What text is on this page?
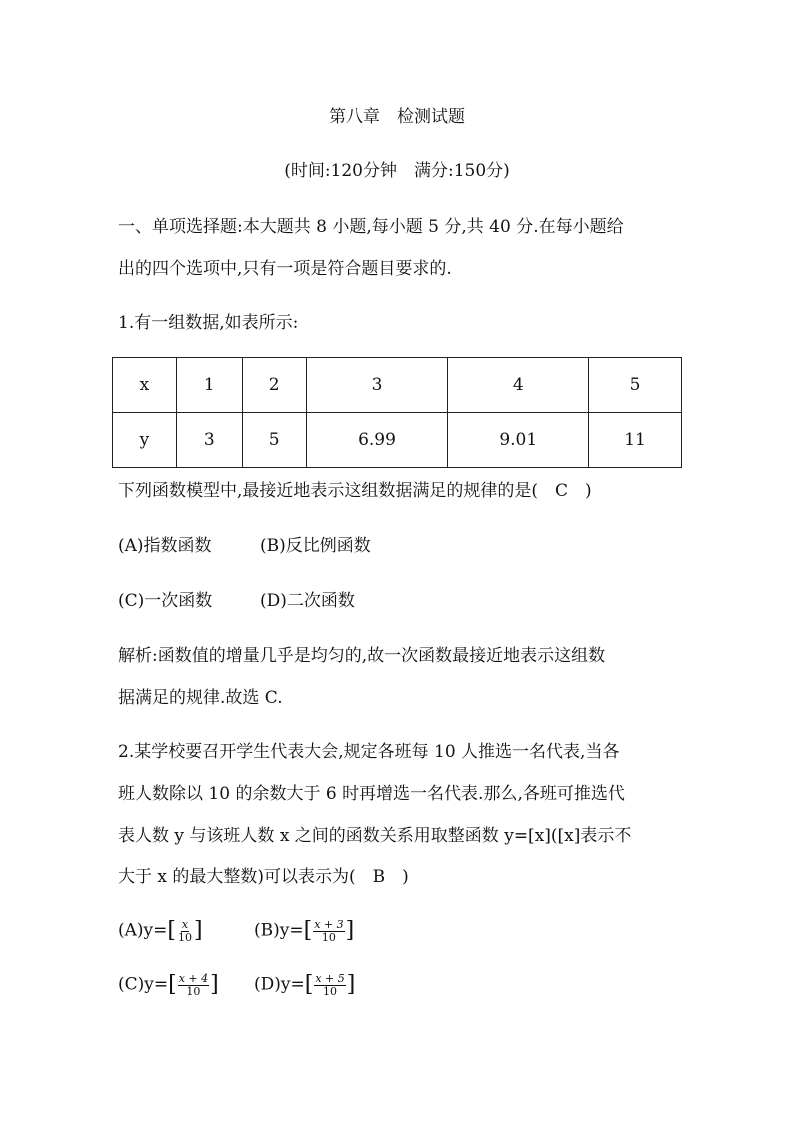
第八章　检测试题
(时间:120分钟　满分:150分)
一、单项选择题:本大题共 8 小题,每小题 5 分,共 40 分.在每小题给
出的四个选项中,只有一项是符合题目要求的.
1.有一组数据,如表所示:
x	1	2	3	4	5
y	3	5	6.99	9.01	11
下列函数模型中,最接近地表示这组数据满足的规律的是(　C　)
(A)指数函数	(B)反比例函数
(C)一次函数	(D)二次函数
解析:函数值的增量几乎是均匀的,故一次函数最接近地表示这组数
据满足的规律.故选 C.
2.某学校要召开学生代表大会,规定各班每 10 人推选一名代表,当各
班人数除以 10 的余数大于 6 时再增选一名代表.那么,各班可推选代
表人数 y 与该班人数 x 之间的函数关系用取整函数 y=[x]([x]表示不
大于 x 的最大整数)可以表示为(　B　)
$(A)y=[ \frac{x}{10}$ ]	$(B)y=[ \frac{x + 3}{10}$ ]
$(C)y=[ \frac{x + 4}{10}$ ] $(D)y=[ \frac{x + 5}{10}$ ]
